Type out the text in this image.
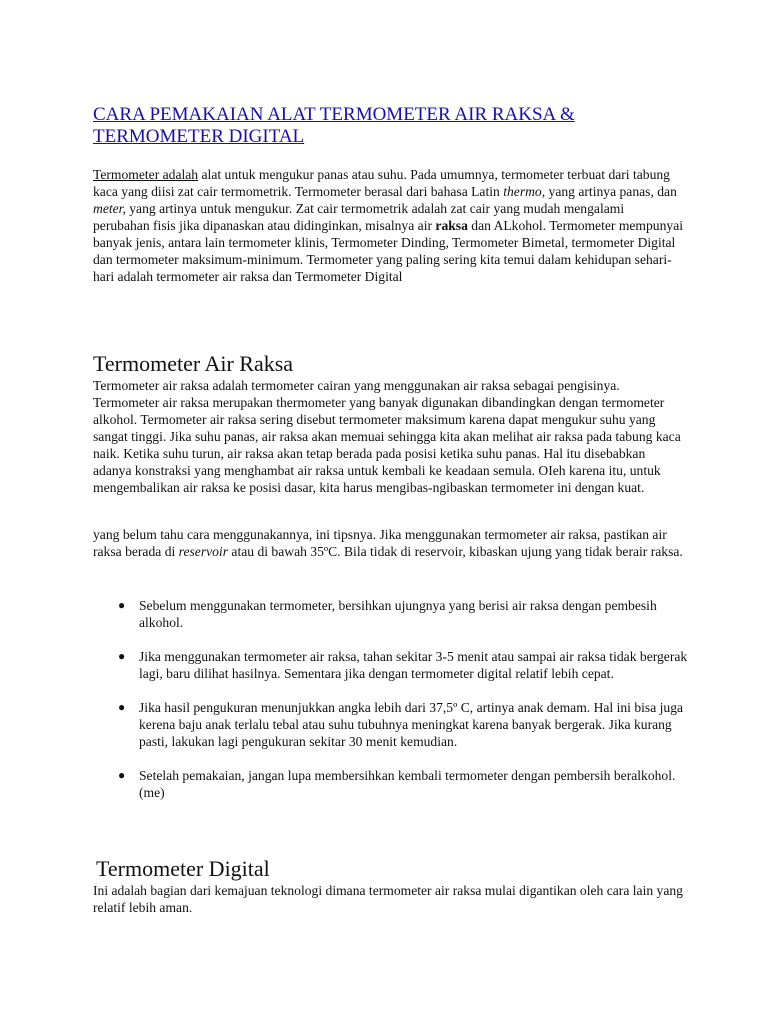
CARA PEMAKAIAN ALAT TERMOMETER AIR RAKSA & TERMOMETER DIGITAL

Termometer adalah alat untuk mengukur panas atau suhu. Pada umumnya, termometer terbuat dari tabung kaca yang diisi zat cair termometrik. Termometer berasal dari bahasa Latin thermo, yang artinya panas, dan meter, yang artinya untuk mengukur. Zat cair termometrik adalah zat cair yang mudah mengalami perubahan fisis jika dipanaskan atau didinginkan, misalnya air raksa dan ALkohol. Termometer mempunyai banyak jenis, antara lain termometer klinis, Termometer Dinding, Termometer Bimetal, termometer Digital dan termometer maksimum-minimum. Termometer yang paling sering kita temui dalam kehidupan sehari-hari adalah termometer air raksa dan Termometer Digital

Termometer Air Raksa

Termometer air raksa adalah termometer cairan yang menggunakan air raksa sebagai pengisinya. Termometer air raksa merupakan thermometer yang banyak digunakan dibandingkan dengan termometer alkohol. Termometer air raksa sering disebut termometer maksimum karena dapat mengukur suhu yang sangat tinggi. Jika suhu panas, air raksa akan memuai sehingga kita akan melihat air raksa pada tabung kaca naik. Ketika suhu turun, air raksa akan tetap berada pada posisi ketika suhu panas. Hal itu disebabkan adanya konstraksi yang menghambat air raksa untuk kembali ke keadaan semula. OIeh karena itu, untuk mengembalikan air raksa ke posisi dasar, kita harus mengibas-ngibaskan termometer ini dengan kuat.

yang belum tahu cara menggunakannya, ini tipsnya. Jika menggunakan termometer air raksa, pastikan air raksa berada di reservoir atau di bawah 35ºC. Bila tidak di reservoir, kibaskan ujung yang tidak berair raksa.

● Sebelum menggunakan termometer, bersihkan ujungnya yang berisi air raksa dengan pembesih alkohol.
● Jika menggunakan termometer air raksa, tahan sekitar 3-5 menit atau sampai air raksa tidak bergerak lagi, baru dilihat hasilnya. Sementara jika dengan termometer digital relatif lebih cepat.
● Jika hasil pengukuran menunjukkan angka lebih dari 37,5º C, artinya anak demam. Hal ini bisa juga kerena baju anak terlalu tebal atau suhu tubuhnya meningkat karena banyak bergerak. Jika kurang pasti, lakukan lagi pengukuran sekitar 30 menit kemudian.
● Setelah pemakaian, jangan lupa membersihkan kembali termometer dengan pembersih beralkohol. (me)
Termometer Digital

Ini adalah bagian dari kemajuan teknologi dimana termometer air raksa mulai digantikan oleh cara lain yang relatif lebih aman.
